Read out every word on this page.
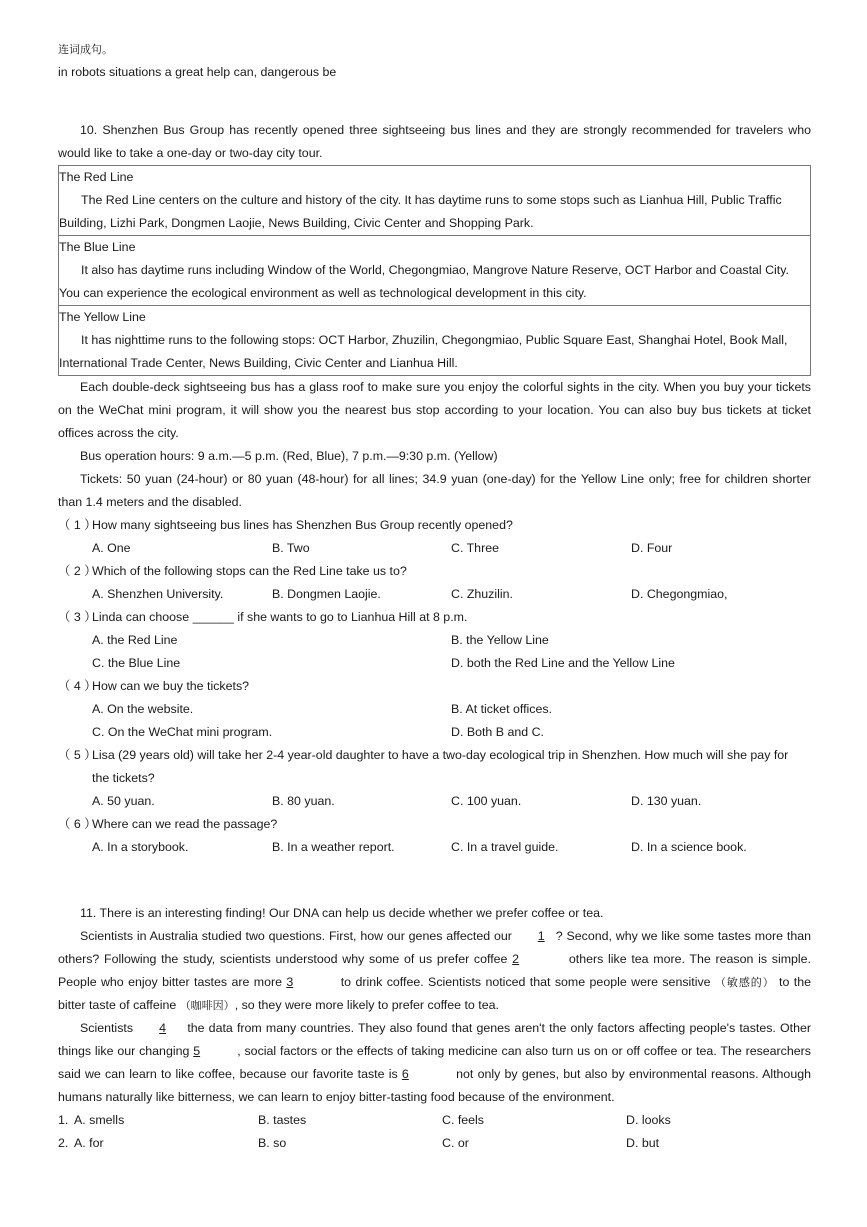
连词成句。
in robots situations a great help can, dangerous be
10. Shenzhen Bus Group has recently opened three sightseeing bus lines and they are strongly recommended for travelers who
would like to take a one-day or two-day city tour.
The Red Line
The Red Line centers on the culture and history of the city. It has daytime runs to some stops such as Lianhua Hill, Public Traffic
Building, Lizhi Park, Dongmen Laojie, News Building, Civic Center and Shopping Park.
The Blue Line
It also has daytime runs including Window of the World, Chegongmiao, Mangrove Nature Reserve, OCT Harbor and Coastal City.
You can experience the ecological environment as well as technological development in this city.
The Yellow Line
It has nighttime runs to the following stops: OCT Harbor, Zhuzilin, Chegongmiao, Public Square East, Shanghai Hotel, Book Mall,
International Trade Center, News Building, Civic Center and Lianhua Hill.
Each double-deck sightseeing bus has a glass roof to make sure you enjoy the colorful sights in the city. When you buy your tickets
on the WeChat mini program, it will show you the nearest bus stop according to your location. You can also buy bus tickets at ticket
offices across the city.
Bus operation hours: 9 a.m.—5 p.m. (Red, Blue), 7 p.m.—9:30 p.m. (Yellow)
Tickets: 50 yuan (24-hour) or 80 yuan (48-hour) for all lines; 34.9 yuan (one-day) for the Yellow Line only; free for children shorter
than 1.4 meters and the disabled.
（ 1 ）
How many sightseeing bus lines has Shenzhen Bus Group recently opened?
A. One	B. Two	C. Three	D. Four
（ 2 ）
Which of the following stops can the Red Line take us to?
A. Shenzhen University.	B. Dongmen Laojie.	C. Zhuzilin.	D. Chegongmiao,
（ 3 ）
Linda can choose ______ if she wants to go to Lianhua Hill at 8 p.m.
A. the Red Line	B. the Yellow Line
C. the Blue Line	D. both the Red Line and the Yellow Line
（ 4 ）
How can we buy the tickets?
A. On the website.	B. At ticket offices.
C. On the WeChat mini program.	D. Both B and C.
（ 5 ）
Lisa (29 years old) will take her 2-4 year-old daughter to have a two-day ecological trip in Shenzhen. How much will she pay for
the tickets?
A. 50 yuan.	B. 80 yuan.	C. 100 yuan.	D. 130 yuan.
（ 6 ）
Where can we read the passage?
A. In a storybook.	B. In a weather report.	C. In a travel guide.	D. In a science book.
11. There is an interesting finding! Our DNA can help us decide whether we prefer coffee or tea.
Scientists in Australia studied two questions. First, how our genes affected our 1 ? Second, why we like some tastes more than
others? Following the study, scientists understood why some of us prefer coffee 2	others like tea more. The reason is simple.
People who enjoy bitter tastes are more 3	to drink coffee. Scientists noticed that some people were sensitive （敏感的） to the
bitter taste of caffeine （咖啡因）, so they were more likely to prefer coffee to tea.
Scientists 4 the data from many countries. They also found that genes aren't the only factors affecting people's tastes. Other
things like our changing 5	, social factors or the effects of taking medicine can also turn us on or off coffee or tea. The researchers
said we can learn to like coffee, because our favorite taste is 6	not only by genes, but also by environmental reasons. Although
humans naturally like bitterness, we can learn to enjoy bitter-tasting food because of the environment.
1. A. smells	B. tastes	C. feels	D. looks
2. A. for	B. so	C. or	D. but
